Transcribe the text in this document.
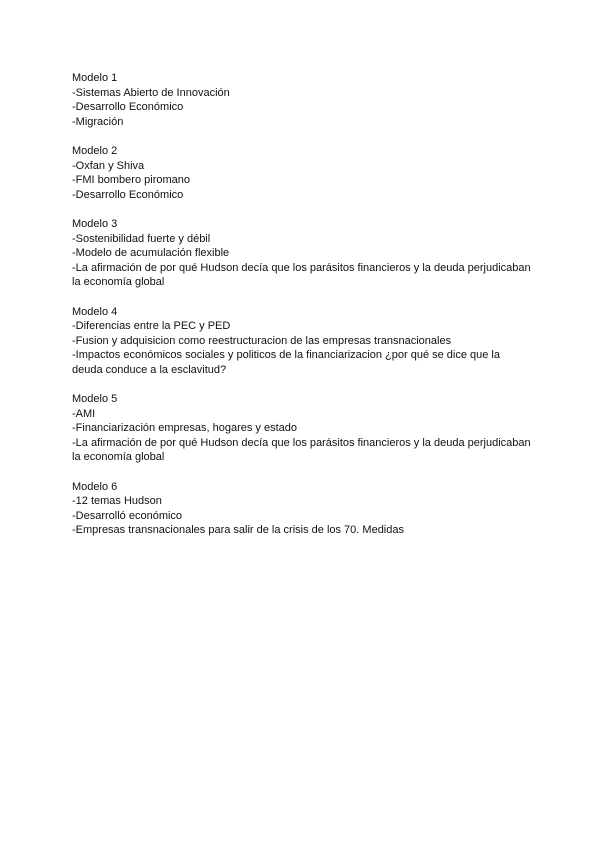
Modelo 1
-Sistemas Abierto de Innovación
-Desarrollo Económico
-Migración
Modelo 2
-Oxfan y Shiva
-FMI bombero piromano
-Desarrollo Económico
Modelo 3
-Sostenibilidad fuerte y débil
-Modelo de acumulación flexible
-La afirmación de por qué Hudson decía que los parásitos financieros y la deuda perjudicaban la economía global
Modelo 4
-Diferencias entre la PEC y PED
-Fusion y adquisicion como reestructuracion de las empresas transnacionales
-Impactos económicos sociales y politicos de la financiarizacion ¿por qué se dice que la deuda conduce a la esclavitud?
Modelo 5
-AMI
-Financiarización empresas, hogares y estado
-La afirmación de por qué Hudson decía que los parásitos financieros y la deuda perjudicaban la economía global
Modelo 6
-12 temas Hudson
-Desarrolló económico
-Empresas transnacionales para salir de la crisis de los 70. Medidas
